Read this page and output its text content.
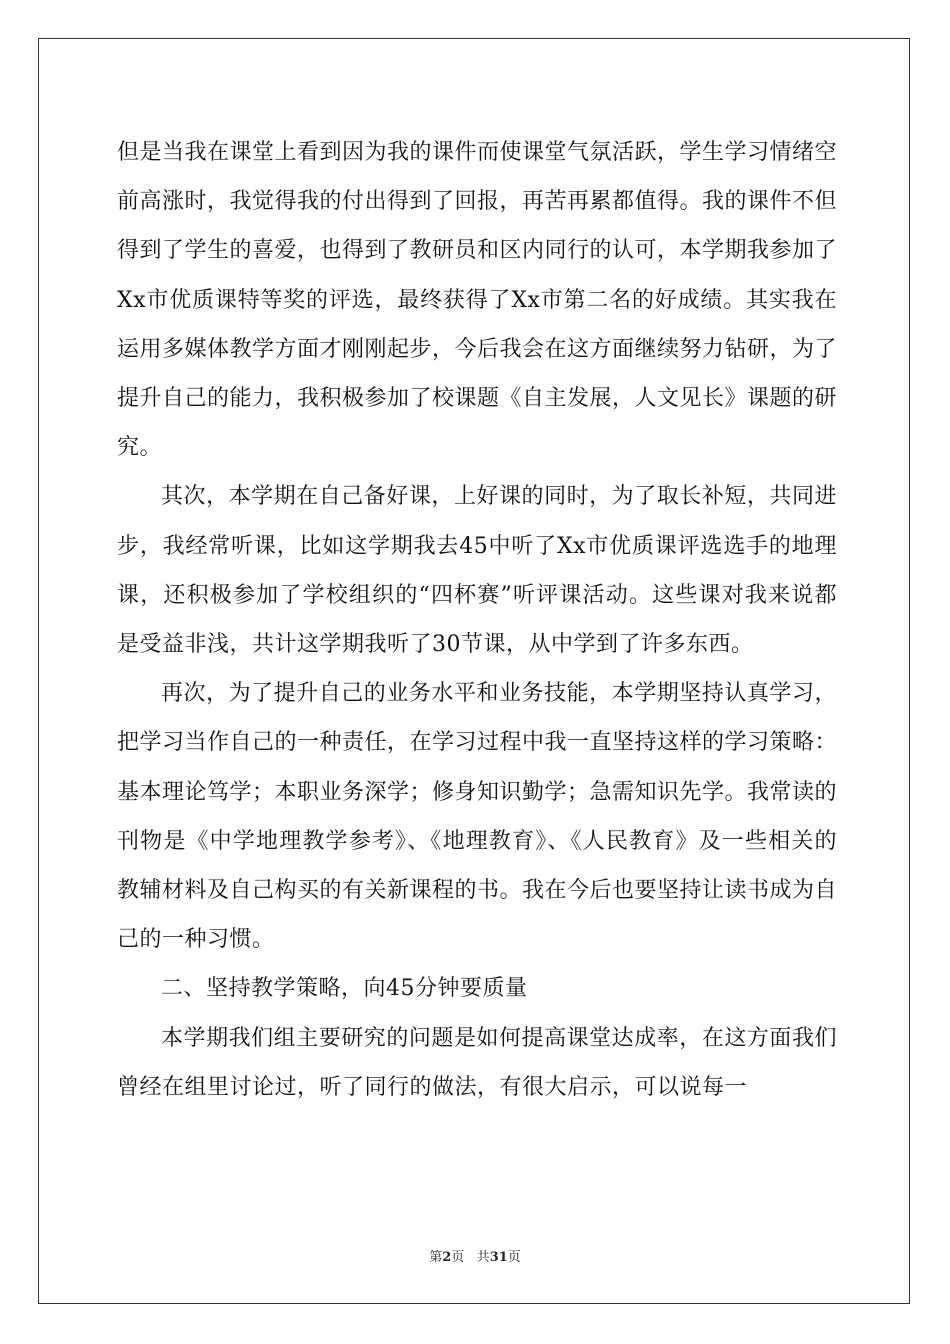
但是当我在课堂上看到因为我的课件而使课堂气氛活跃，学生学习情绪空前高涨时，我觉得我的付出得到了回报，再苦再累都值得。我的课件不但得到了学生的喜爱，也得到了教研员和区内同行的认可，本学期我参加了Xx市优质课特等奖的评选，最终获得了Xx市第二名的好成绩。其实我在运用多媒体教学方面才刚刚起步，今后我会在这方面继续努力钻研，为了提升自己的能力，我积极参加了校课题《自主发展，人文见长》课题的研究。

其次，本学期在自己备好课，上好课的同时，为了取长补短，共同进步，我经常听课，比如这学期我去45中听了Xx市优质课评选选手的地理课，还积极参加了学校组织的“四杯赛”听评课活动。这些课对我来说都是受益非浅，共计这学期我听了30节课，从中学到了许多东西。

再次，为了提升自己的业务水平和业务技能，本学期坚持认真学习，把学习当作自己的一种责任，在学习过程中我一直坚持这样的学习策略：基本理论笃学；本职业务深学；修身知识勤学；急需知识先学。我常读的刊物是《中学地理教学参考》、《地理教育》、《人民教育》及一些相关的教辅材料及自己构买的有关新课程的书。我在今后也要坚持让读书成为自己的一种习惯。

二、坚持教学策略，向45分钟要质量

本学期我们组主要研究的问题是如何提高课堂达成率，在这方面我们曾经在组里讨论过，听了同行的做法，有很大启示，可以说每一

第2页 共31页
